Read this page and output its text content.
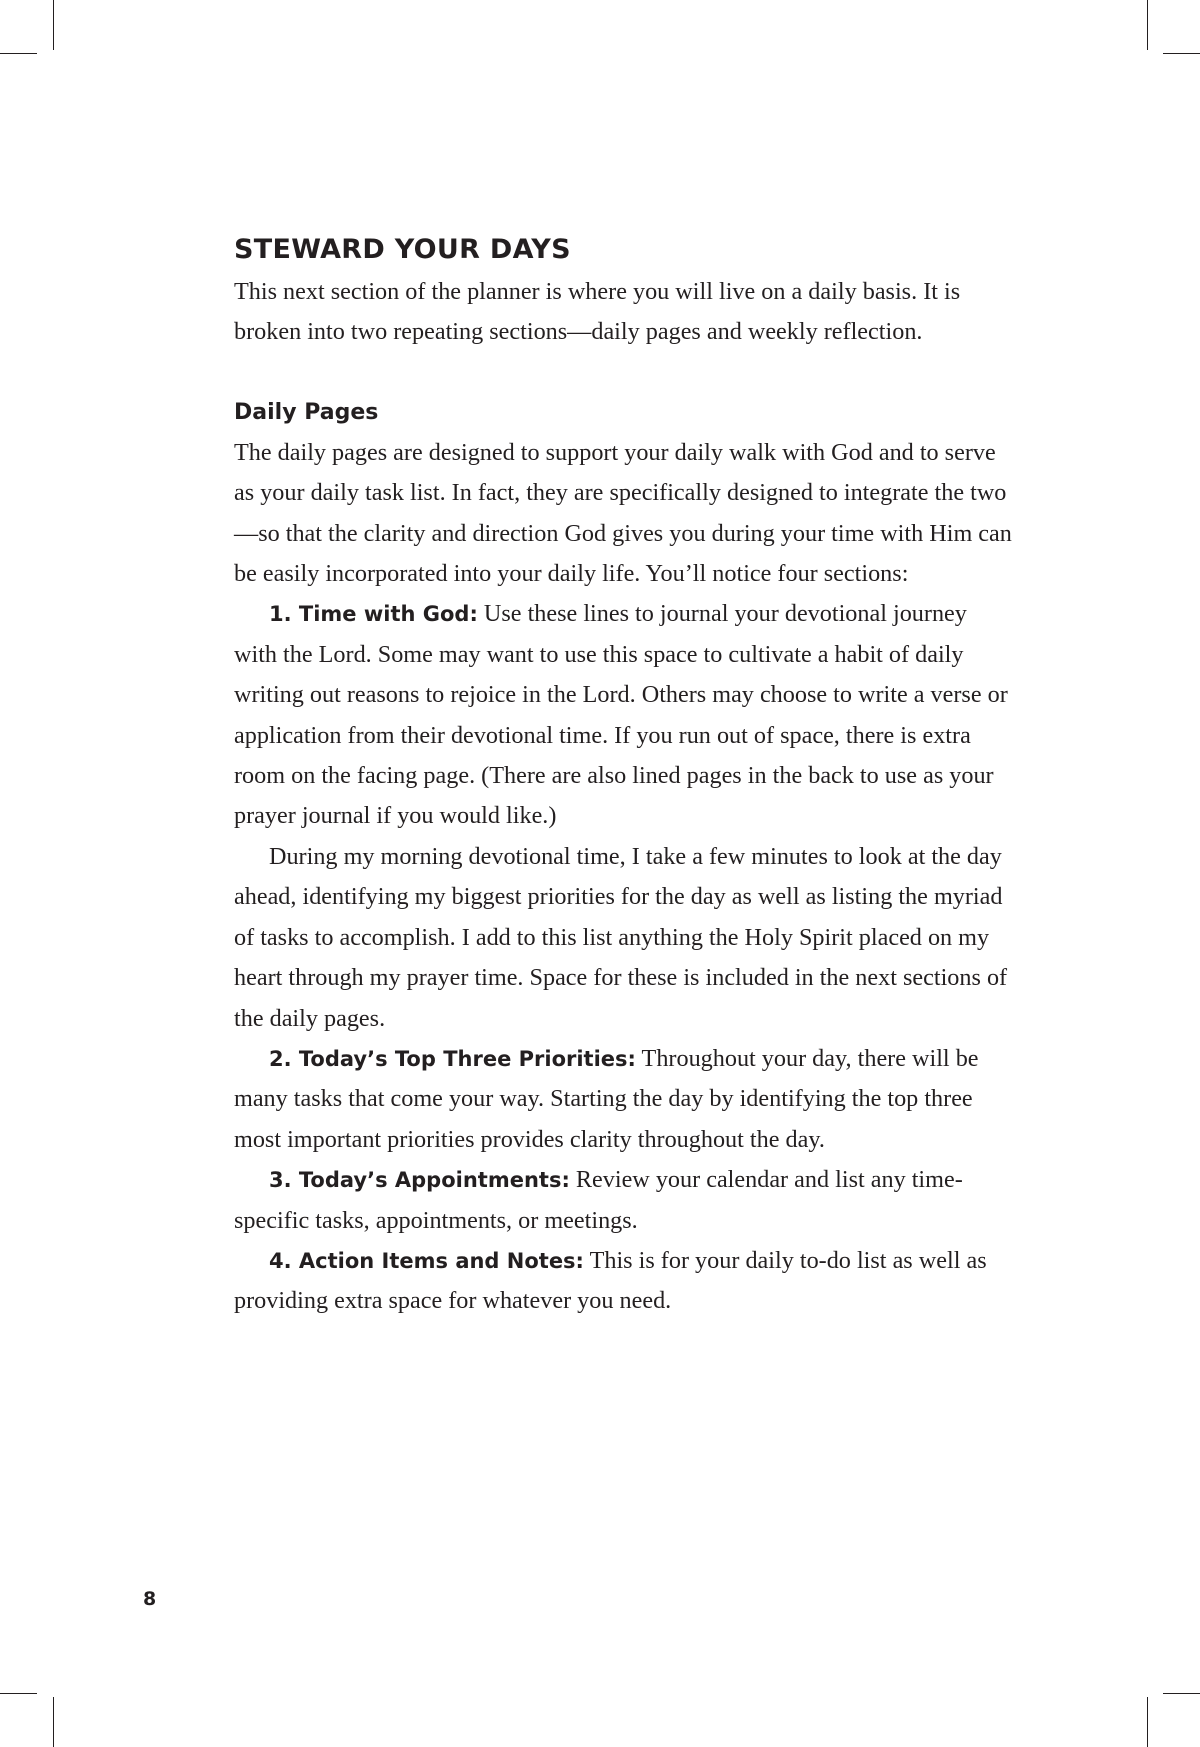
STEWARD YOUR DAYS

This next section of the planner is where you will live on a daily basis. It is broken into two repeating sections—daily pages and weekly reflection.

Daily Pages

The daily pages are designed to support your daily walk with God and to serve as your daily task list. In fact, they are specifically designed to integrate the two—so that the clarity and direction God gives you during your time with Him can be easily incorporated into your daily life. You’ll notice four sections:

1. Time with God: Use these lines to journal your devotional journey with the Lord. Some may want to use this space to cultivate a habit of daily writing out reasons to rejoice in the Lord. Others may choose to write a verse or application from their devotional time. If you run out of space, there is extra room on the facing page. (There are also lined pages in the back to use as your prayer journal if you would like.)

During my morning devotional time, I take a few minutes to look at the day ahead, identifying my biggest priorities for the day as well as listing the myriad of tasks to accomplish. I add to this list anything the Holy Spirit placed on my heart through my prayer time. Space for these is included in the next sections of the daily pages.

2. Today’s Top Three Priorities: Throughout your day, there will be many tasks that come your way. Starting the day by identifying the top three most important priorities provides clarity throughout the day.

3. Today’s Appointments: Review your calendar and list any time-specific tasks, appointments, or meetings.

4. Action Items and Notes: This is for your daily to-do list as well as providing extra space for whatever you need.

8
